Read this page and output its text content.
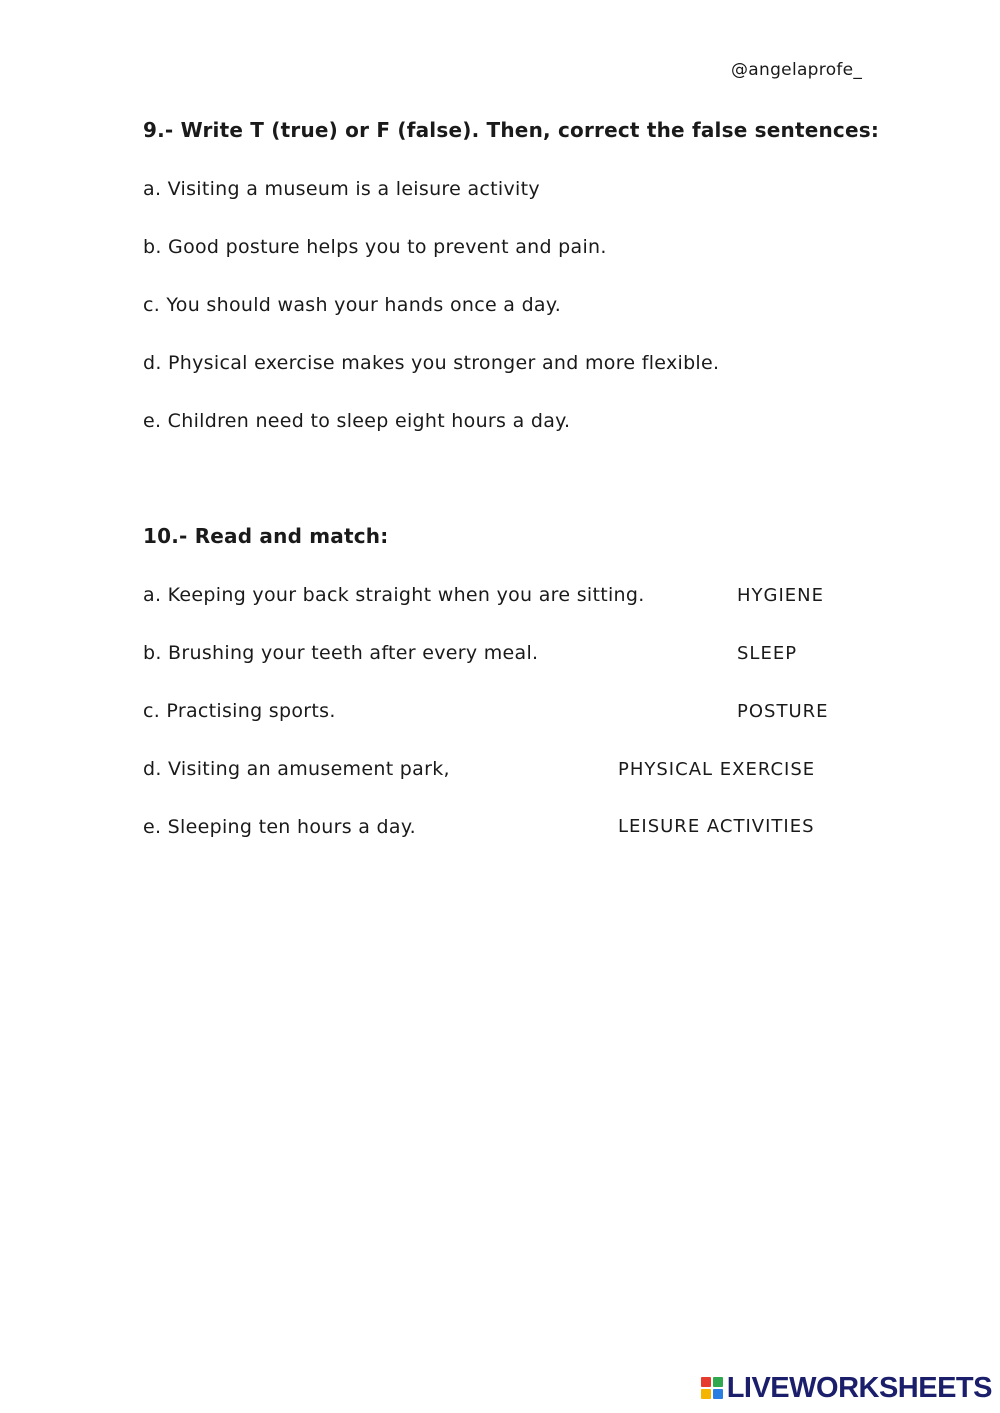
@angelaprofe_
9.- Write T (true) or F (false). Then, correct the false sentences:
a. Visiting a museum is a leisure activity
b. Good posture helps you to prevent and pain.
c. You should wash your hands once a day.
d. Physical exercise makes you stronger and more flexible.
e. Children need to sleep eight hours a day.
10.- Read and match:
a. Keeping your back straight when you are sitting.
b. Brushing your teeth after every meal.
c. Practising sports.
d. Visiting an amusement park,
e. Sleeping ten hours a day.
HYGIENE
SLEEP
POSTURE
PHYSICAL EXERCISE
LEISURE ACTIVITIES
LIVEWORKSHEETS
